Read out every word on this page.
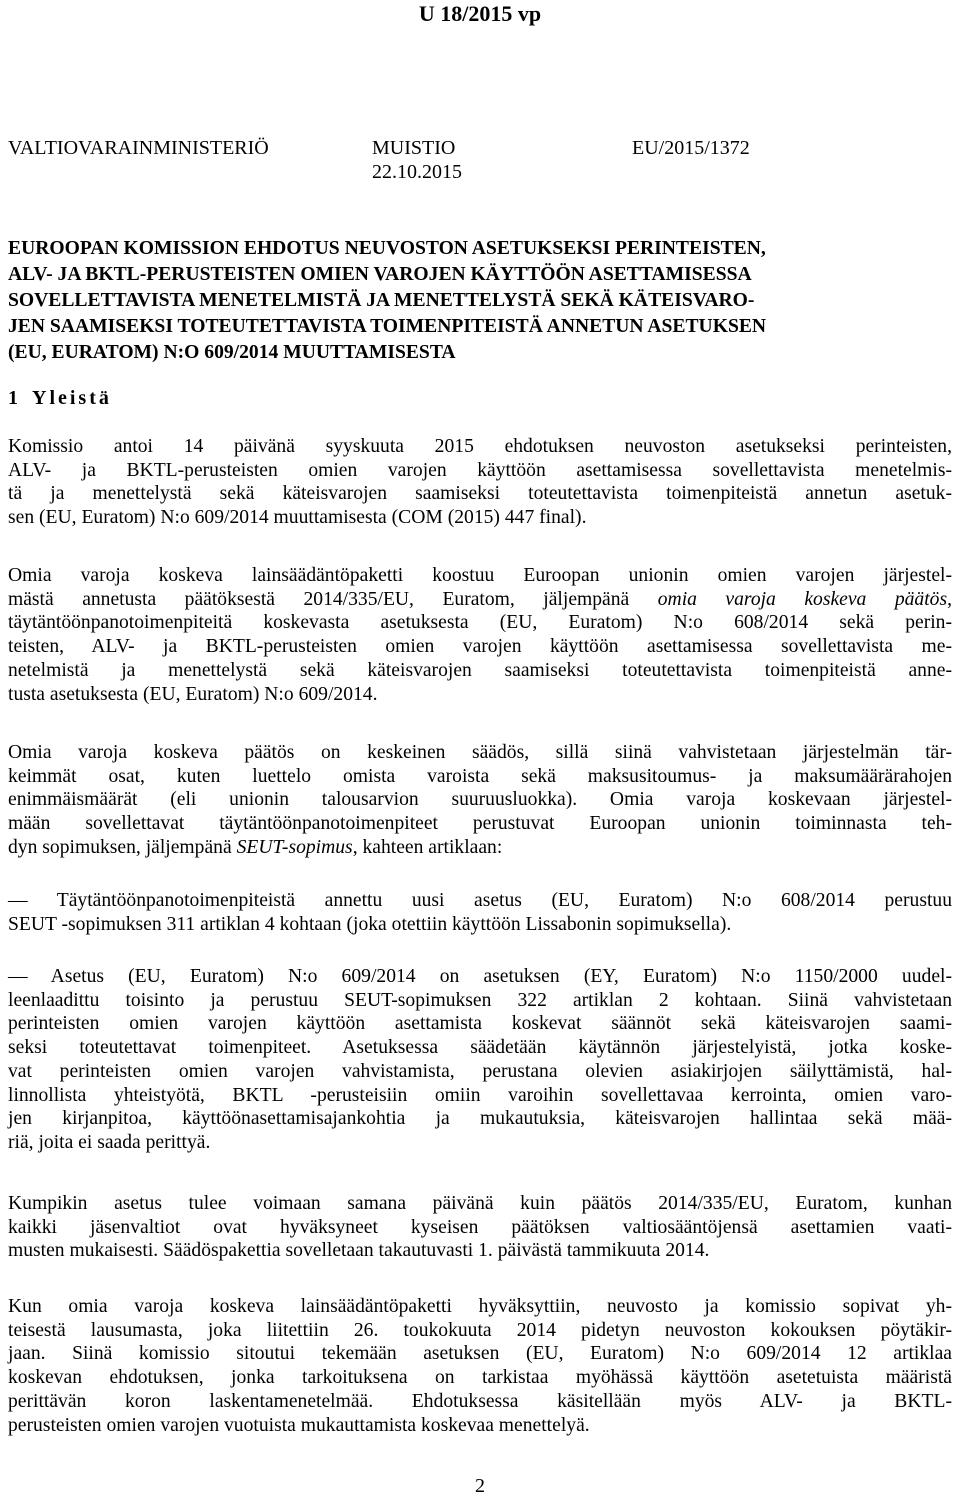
U 18/2015 vp
VALTIOVARAINMINISTERIÖ	MUISTIO
22.10.2015
EU/2015/1372
EUROOPAN KOMISSION EHDOTUS NEUVOSTON ASETUKSEKSI PERINTEISTEN,
ALV- JA BKTL-PERUSTEISTEN OMIEN VAROJEN KÄYTTÖÖN ASETTAMISESSA
SOVELLETTAVISTA MENETELMISTÄ JA MENETTELYSTÄ SEKÄ KÄTEISVARO-
JEN SAAMISEKSI TOTEUTETTAVISTA TOIMENPITEISTÄ ANNETUN ASETUKSEN
(EU, EURATOM) N:O 609/2014 MUUTTAMISESTA
1 Yleistä

Komissio antoi 14 päivänä syyskuuta 2015 ehdotuksen neuvoston asetukseksi perinteisten,
ALV- ja BKTL-perusteisten omien varojen käyttöön asettamisessa sovellettavista menetelmis-
tä ja menettelystä sekä käteisvarojen saamiseksi toteutettavista toimenpiteistä annetun asetuk-
sen (EU, Euratom) N:o 609/2014 muuttamisesta (COM (2015) 447 final).

Omia varoja koskeva lainsäädäntöpaketti koostuu Euroopan unionin omien varojen järjestel-
mästä annetusta päätöksestä 2014/335/EU, Euratom, jäljempänä omia varoja koskeva päätös,
täytäntöönpanotoimenpiteitä koskevasta asetuksesta (EU, Euratom) N:o 608/2014 sekä perin-
teisten, ALV- ja BKTL-perusteisten omien varojen käyttöön asettamisessa sovellettavista me-
netelmistä ja menettelystä sekä käteisvarojen saamiseksi toteutettavista toimenpiteistä anne-
tusta asetuksesta (EU, Euratom) N:o 609/2014.

Omia varoja koskeva päätös on keskeinen säädös, sillä siinä vahvistetaan järjestelmän tär-
keimmät osat, kuten luettelo omista varoista sekä maksusitoumus- ja maksumäärärahojen
enimmäismäärät (eli unionin talousarvion suuruusluokka). Omia varoja koskevaan järjestel-
mään sovellettavat täytäntöönpanotoimenpiteet perustuvat Euroopan unionin toiminnasta teh-
dyn sopimuksen, jäljempänä SEUT-sopimus, kahteen artiklaan:

— Täytäntöönpanotoimenpiteistä annettu uusi asetus (EU, Euratom) N:o 608/2014 perustuu
SEUT -sopimuksen 311 artiklan 4 kohtaan (joka otettiin käyttöön Lissabonin sopimuksella).

— Asetus (EU, Euratom) N:o 609/2014 on asetuksen (EY, Euratom) N:o 1150/2000 uudel-
leenlaadittu toisinto ja perustuu SEUT-sopimuksen 322 artiklan 2 kohtaan. Siinä vahvistetaan
perinteisten omien varojen käyttöön asettamista koskevat säännöt sekä käteisvarojen saami-
seksi toteutettavat toimenpiteet. Asetuksessa säädetään käytännön järjestelyistä, jotka koske-
vat perinteisten omien varojen vahvistamista, perustana olevien asiakirjojen säilyttämistä, hal-
linnollista yhteistyötä, BKTL -perusteisiin omiin varoihin sovellettavaa kerrointa, omien varo-
jen kirjanpitoa, käyttöönasettamisajankohtia ja mukautuksia, käteisvarojen hallintaa sekä mää-
riä, joita ei saada perittyä.

Kumpikin asetus tulee voimaan samana päivänä kuin päätös 2014/335/EU, Euratom, kunhan
kaikki jäsenvaltiot ovat hyväksyneet kyseisen päätöksen valtiosääntöjensä asettamien vaati-
musten mukaisesti. Säädöspakettia sovelletaan takautuvasti 1. päivästä tammikuuta 2014.

Kun omia varoja koskeva lainsäädäntöpaketti hyväksyttiin, neuvosto ja komissio sopivat yh-
teisestä lausumasta, joka liitettiin 26. toukokuuta 2014 pidetyn neuvoston kokouksen pöytäkir-
jaan. Siinä komissio sitoutui tekemään asetuksen (EU, Euratom) N:o 609/2014 12 artiklaa
koskevan ehdotuksen, jonka tarkoituksena on tarkistaa myöhässä käyttöön asetetuista määristä
perittävän koron laskentamenetelmää. Ehdotuksessa käsitellään myös ALV- ja BKTL-
perusteisten omien varojen vuotuista mukauttamista koskevaa menettelyä.

2
